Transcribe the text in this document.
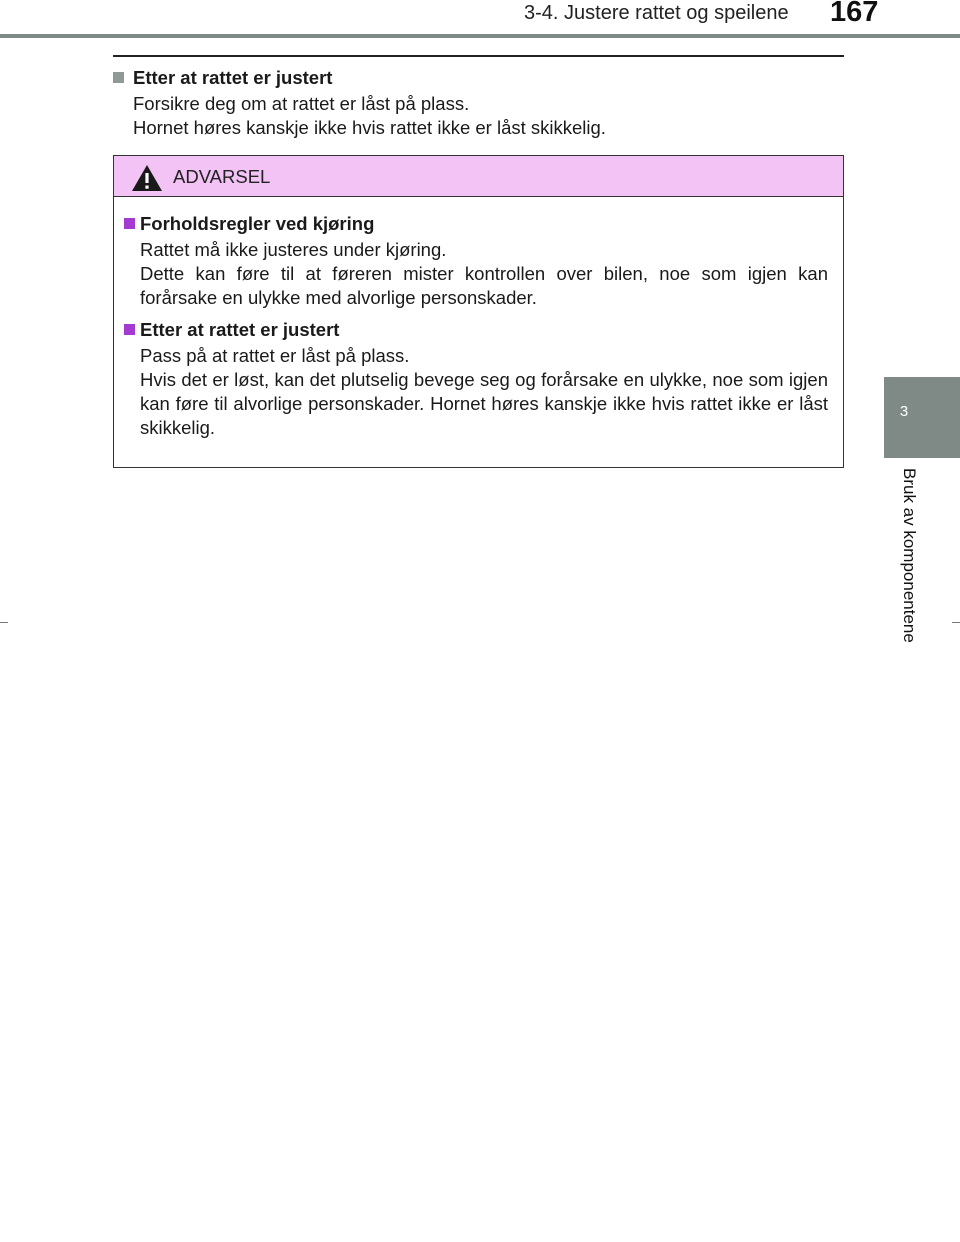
3-4. Justere rattet og speilene 167
3
Bruk av komponentene
Etter at rattet er justert
Forsikre deg om at rattet er låst på plass.
Hornet høres kanskje ikke hvis rattet ikke er låst skikkelig.
ADVARSEL
Forholdsregler ved kjøring
Rattet må ikke justeres under kjøring.
Dette kan føre til at føreren mister kontrollen over bilen, noe som igjen kan forårsake en ulykke med alvorlige personskader.
Etter at rattet er justert
Pass på at rattet er låst på plass.
Hvis det er løst, kan det plutselig bevege seg og forårsake en ulykke, noe som igjen kan føre til alvorlige personskader. Hornet høres kanskje ikke hvis rattet ikke er låst skikkelig.
